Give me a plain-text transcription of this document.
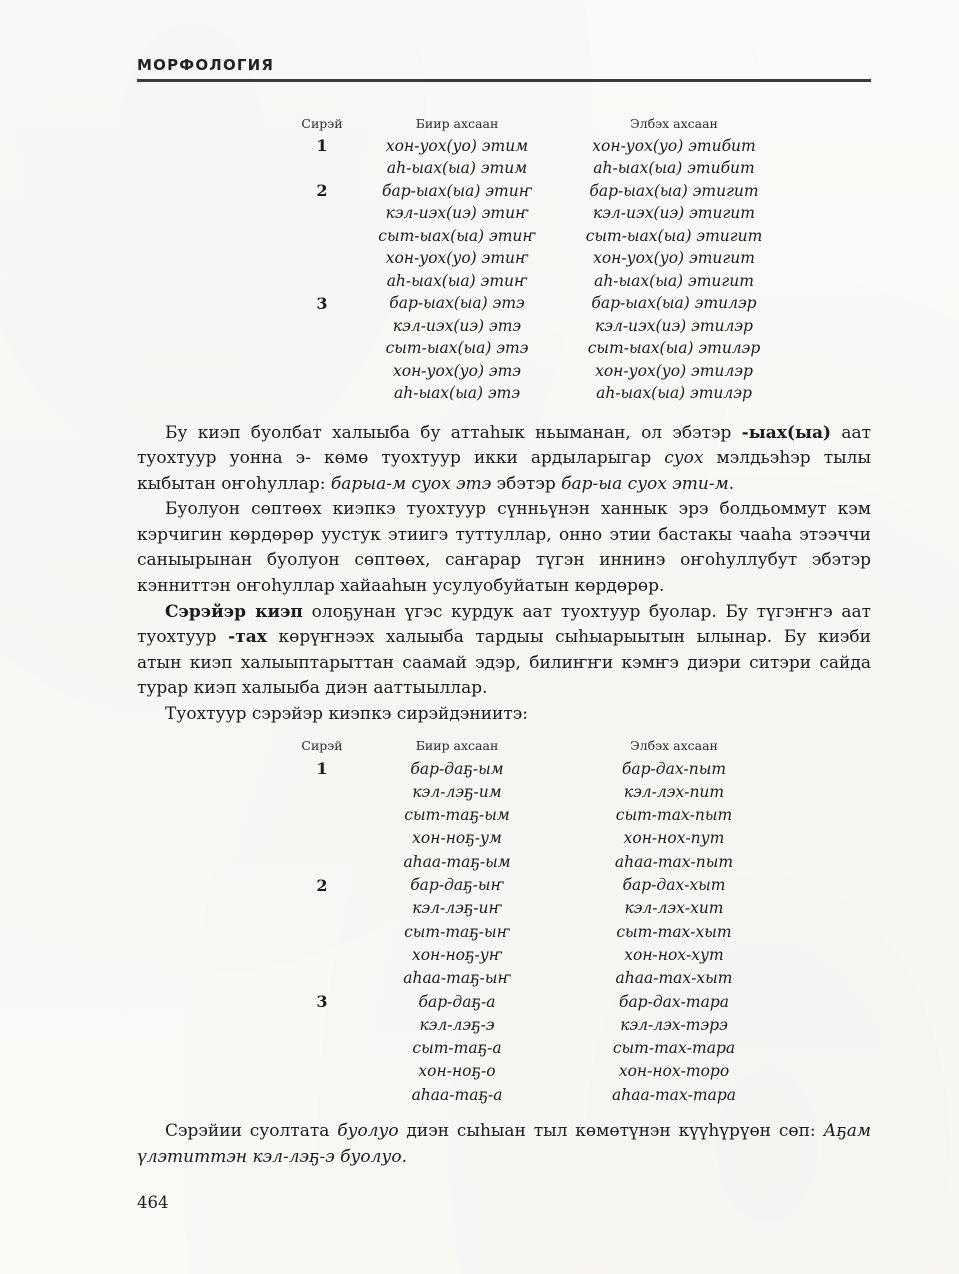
МОРФОЛОГИЯ
Сирэй	Биир ахсаан	Элбэх ахсаан
1	хон-уох(уо) этим	хон-уох(уо) этибит
аһ-ыах(ыа) этим	аһ-ыах(ыа) этибит
2	бар-ыах(ыа) этиҥ	бар-ыах(ыа) этигит
кэл-иэх(иэ) этиҥ	кэл-иэх(иэ) этигит
сыт-ыах(ыа) этиҥ	сыт-ыах(ыа) этигит
хон-уох(уо) этиҥ	хон-уох(уо) этигит
аһ-ыах(ыа) этиҥ	аһ-ыах(ыа) этигит
3	бар-ыах(ыа) этэ	бар-ыах(ыа) этилэр
кэл-иэх(иэ) этэ	кэл-иэх(иэ) этилэр
сыт-ыах(ыа) этэ	сыт-ыах(ыа) этилэр
хон-уох(уо) этэ	хон-уох(уо) этилэр
аһ-ыах(ыа) этэ	аһ-ыах(ыа) этилэр

Бу киэп буолбат халыыба бу аттаһык ньыманан, ол эбэтэр -ыах(ыа) аат туохтуур уонна э- көмө туохтуур икки ардыларыгар суох мэлдьэһэр тылы кыбытан оҥоһуллар: барыа-м суох этэ эбэтэр бар-ыа суох эти-м.

Буолуон сөптөөх киэпкэ туохтуур сүнньүнэн ханнык эрэ болдьоммут кэм кэрчигин көрдөрөр уустук этиигэ туттуллар, онно этии бастакы чааһа этээччи саныырынан буолуон сөптөөх, саҥарар түгэн иннинэ оҥоһуллубут эбэтэр кэнниттэн оҥоһуллар хайааһын усулуобуйатын көрдөрөр.

Сэрэйэр киэп олоҕунан үгэс курдук аат туохтуур буолар. Бу түгэҥҥэ аат туохтуур -тах көрүҥнээх халыыба тардыы сыһыарыытын ылынар. Бу киэби атын киэп халыыптарыттан саамай эдэр, билиҥҥи кэмҥэ диэри ситэри сайда турар киэп халыыба диэн ааттыыллар.

Туохтуур сэрэйэр киэпкэ сирэйдэниитэ:

Сирэй	Биир ахсаан	Элбэх ахсаан
1	бар-даҕ-ым	бар-дах-пыт
кэл-лэҕ-им	кэл-лэх-пит
сыт-таҕ-ым	сыт-тах-пыт
хон-ноҕ-ум	хон-нох-пут
аһаа-таҕ-ым	аһаа-тах-пыт
2	бар-даҕ-ыҥ	бар-дах-хыт
кэл-лэҕ-иҥ	кэл-лэх-хит
сыт-таҕ-ыҥ	сыт-тах-хыт
хон-ноҕ-уҥ	хон-нох-хут
аһаа-таҕ-ыҥ	аһаа-тах-хыт
3	бар-даҕ-а	бар-дах-тара
кэл-лэҕ-э	кэл-лэх-тэрэ
сыт-таҕ-а	сыт-тах-тара
хон-ноҕ-о	хон-нох-торо
аһаа-таҕ-а	аһаа-тах-тара

Сэрэйии суолтата буолуо диэн сыһыан тыл көмөтүнэн күүһүрүөн сөп: Аҕам үлэтиттэн кэл-лэҕ-э буолуо.

464
